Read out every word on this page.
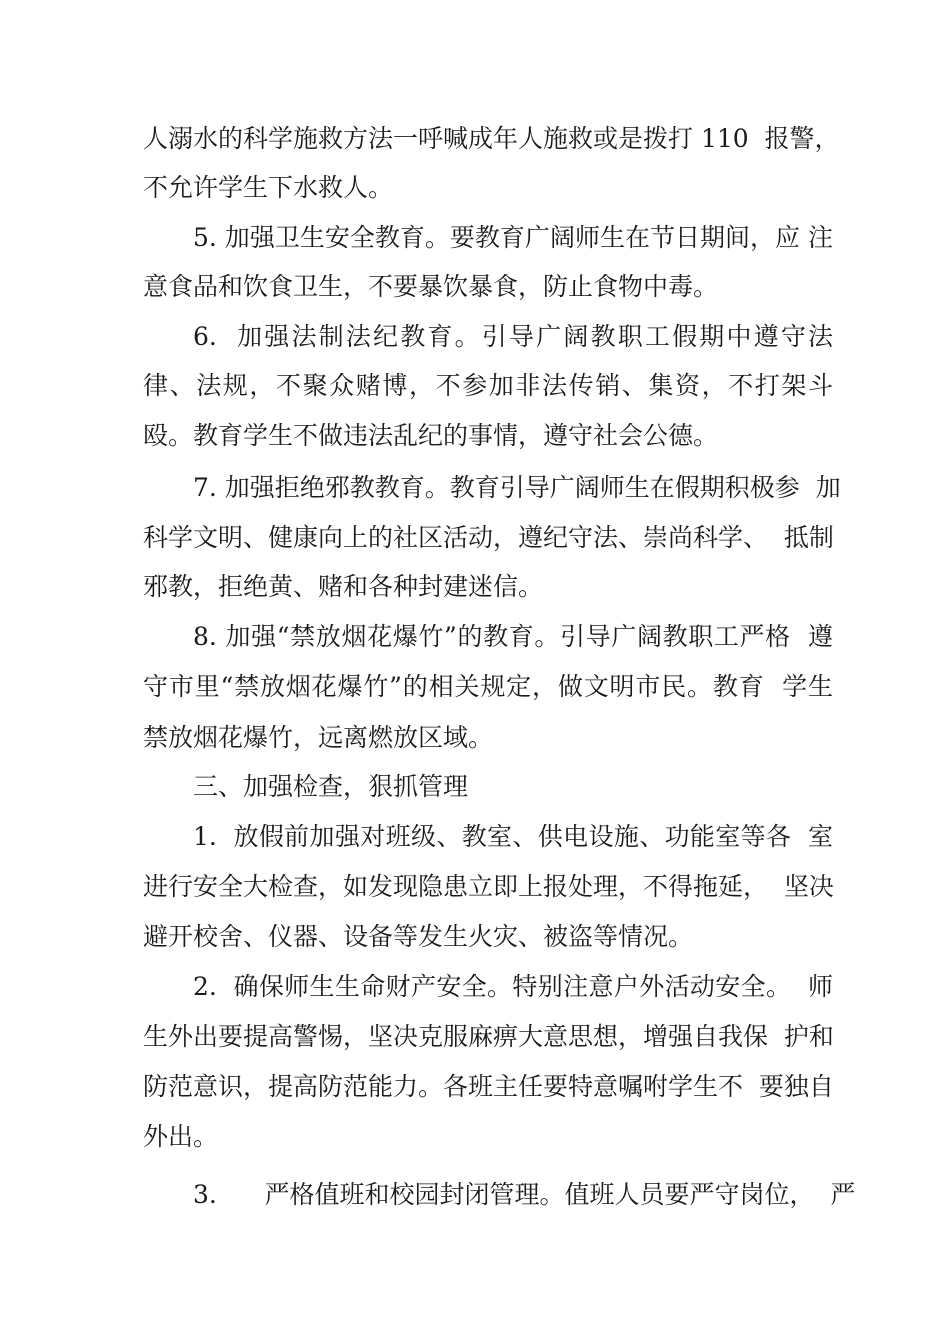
人溺水的科学施救方法一呼喊成年人施救或是拨打 110  报警，
不允许学生下水救人。
5. 加强卫生安全教育。要教育广阔师生在节日期间，应 注
意食品和饮食卫生，不要暴饮暴食，防止食物中毒。
6.  加强法制法纪教育。引导广阔教职工假期中遵守法
律、法规，不聚众赌博，不参加非法传销、集资，不打架斗
殴。教育学生不做违法乱纪的事情，遵守社会公德。
7. 加强拒绝邪教教育。教育引导广阔师生在假期积极参  加
科学文明、健康向上的社区活动，遵纪守法、崇尚科学、  抵制
邪教，拒绝黄、赌和各种封建迷信。
8. 加强“禁放烟花爆竹”的教育。引导广阔教职工严格  遵
守市里“禁放烟花爆竹”的相关规定，做文明市民。教育  学生
禁放烟花爆竹，远离燃放区域。
三、加强检查，狠抓管理
1.  放假前加强对班级、教室、供电设施、功能室等各  室
进行安全大检查，如发现隐患立即上报处理，不得拖延，  坚决
避开校舍、仪器、设备等发生火灾、被盗等情况。
2.  确保师生生命财产安全。特别注意户外活动安全。  师
生外出要提高警惕，坚决克服麻痹大意思想，增强自我保  护和
防范意识，提高防范能力。各班主任要特意嘱咐学生不  要独自
外出。
3.      严格值班和校园封闭管理。值班人员要严守岗位，  严
